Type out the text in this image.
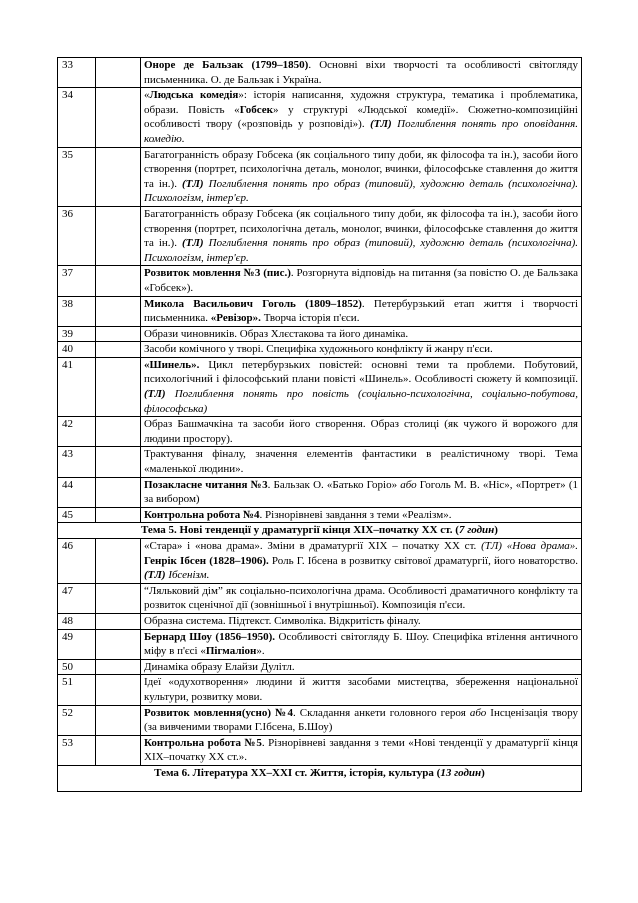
33		Оноре де Бальзак (1799–1850). Основні віхи творчості та особливості світогляду письменника. О. де Бальзак і Україна.
34		«Людська комедія»: історія написання, художня структура, тематика і проблематика, образи. Повість «Гобсек» у структурі «Людської комедії». Сюжетно-композиційні особливості твору («розповідь у розповіді»). (ТЛ) Поглиблення понять про оповідання. комедію.
35		Багатогранність образу Гобсека (як соціального типу доби, як філософа та ін.), засоби його створення (портрет, психологічна деталь, монолог, вчинки, філософське ставлення до життя та ін.). (ТЛ) Поглиблення понять про образ (типовий), художню деталь (психологічна). Психологізм, інтер'єр.
36		Багатогранність образу Гобсека (як соціального типу доби, як філософа та ін.), засоби його створення (портрет, психологічна деталь, монолог, вчинки, філософське ставлення до життя та ін.). (ТЛ) Поглиблення понять про образ (типовий), художню деталь (психологічна). Психологізм, інтер'єр.
37		Розвиток мовлення №3 (пис.). Розгорнута відповідь на питання (за повістю О. де Бальзака «Гобсек»).
38		Микола Васильович Гоголь (1809–1852). Петербурзький етап життя і творчості письменника. «Ревізор». Творча історія п'єси.
39		Образи чиновників. Образ Хлєстакова та його динаміка.
40		Засоби комічного у творі. Специфіка художнього конфлікту й жанру п'єси.
41		«Шинель». Цикл петербурзьких повістей: основні теми та проблеми. Побутовий, психологічний і філософський плани повісті «Шинель». Особливості сюжету й композиції. (ТЛ) Поглиблення понять про повість (соціально-психологічна, соціально-побутова, філософська)
42		Образ Башмачкіна та засоби його створення. Образ столиці (як чужого й ворожого для людини простору).
43		Трактування фіналу, значення елементів фантастики в реалістичному творі. Тема «маленької людини».
44		Позакласне читання №3. Бальзак О. «Батько Горіо» або Гоголь М. В. «Ніс», «Портрет» (1 за вибором)
45		Контрольна робота №4. Різнорівневі завдання з теми «Реалізм».
Тема 5. Нові тенденції у драматургії кінця XIX–початку XX ст. (7 годин)		
46		«Стара» і «нова драма». Зміни в драматургії XIX – початку XX ст. (ТЛ) «Нова драма». Генрік Ібсен (1828–1906). Роль Г. Ібсена в розвитку світової драматургії, його новаторство. (ТЛ) Ібсенізм.
47		“Ляльковий дім” як соціально-психологічна драма. Особливості драматичного конфлікту та розвиток сценічної дії (зовнішньої і внутрішньої). Композиція п'єси.
48		Образна система. Підтекст. Символіка. Відкритість фіналу.
49		Бернард Шоу (1856–1950). Особливості світогляду Б. Шоу. Специфіка втілення античного міфу в п'єсі «Пігмаліон».
50		Динаміка образу Елайзи Дулітл.
51		Ідеї «одухотворення» людини й життя засобами мистецтва, збереження національної культури, розвитку мови.
52		Розвиток мовлення(усно) №4. Складання анкети головного героя або Інсценізація твору (за вивченими творами Г.Ібсена, Б.Шоу)
53		Контрольна робота №5. Різнорівневі завдання з теми «Нові тенденції у драматургії кінця XIX–початку XX ст.».
Тема 6. Література XX–XXI ст. Життя, історія, культура (13 годин)		
